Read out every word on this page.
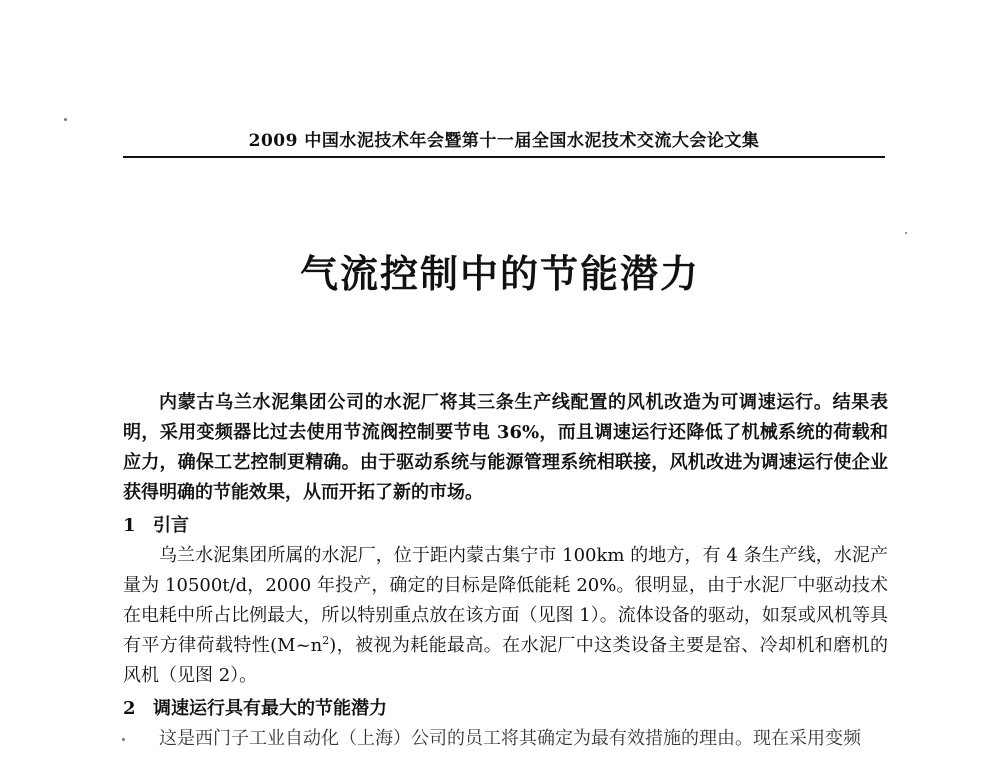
2009 中国水泥技术年会暨第十一届全国水泥技术交流大会论文集
气流控制中的节能潜力

内蒙古乌兰水泥集团公司的水泥厂将其三条生产线配置的风机改造为可调速运行。结果表明，采用变频器比过去使用节流阀控制要节电 36%，而且调速运行还降低了机械系统的荷载和应力，确保工艺控制更精确。由于驱动系统与能源管理系统相联接，风机改进为调速运行使企业获得明确的节能效果，从而开拓了新的市场。

1 引言

乌兰水泥集团所属的水泥厂，位于距内蒙古集宁市 100km 的地方，有 4 条生产线，水泥产量为 10500t/d，2000 年投产，确定的目标是降低能耗 20%。很明显，由于水泥厂中驱动技术在电耗中所占比例最大，所以特别重点放在该方面（见图 1）。流体设备的驱动，如泵或风机等具有平方律荷载特性$(M\sim n^2)$，被视为耗能最高。在水泥厂中这类设备主要是窑、冷却机和磨机的风机（见图 2）。

2 调速运行具有最大的节能潜力

这是西门子工业自动化（上海）公司的员工将其确定为最有效措施的理由。现在采用变频
